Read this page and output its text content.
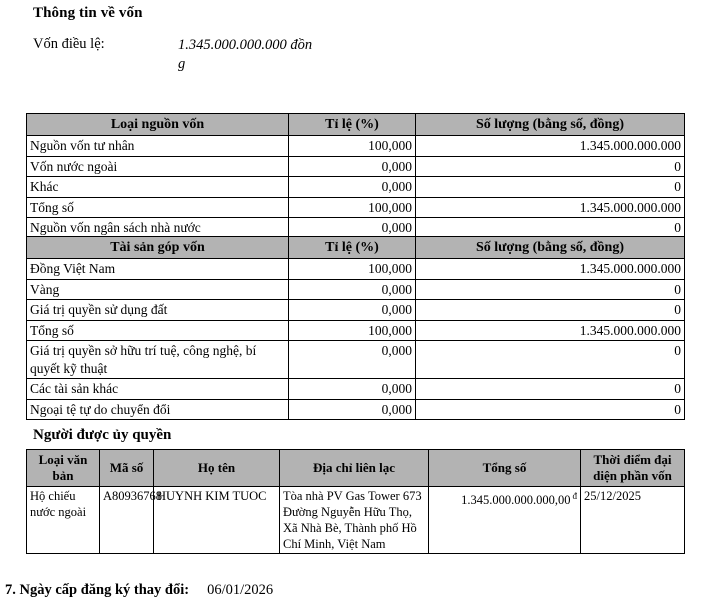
Thông tin về vốn
Vốn điều lệ:	1.345.000.000.000 đồng
Loại nguồn vốn	Tỉ lệ (%)	Số lượng (bằng số, đồng)
Nguồn vốn tư nhân	100,000	1.345.000.000.000
Vốn nước ngoài	0,000	0
Khác	0,000	0
Tổng số	100,000	1.345.000.000.000
Nguồn vốn ngân sách nhà nước	0,000	0
Tài sản góp vốn	Tỉ lệ (%)	Số lượng (bằng số, đồng)
Đồng Việt Nam	100,000	1.345.000.000.000
Vàng	0,000	0
Giá trị quyền sử dụng đất	0,000	0
Tổng số	100,000	1.345.000.000.000
Giá trị quyền sở hữu trí tuệ, công nghệ, bí quyết kỹ thuật	0,000	0
Các tài sản khác	0,000	0
Ngoại tệ tự do chuyển đổi	0,000	0
Người được ủy quyền
Loại văn bản	Mã số	Họ tên	Địa chỉ liên lạc	Tổng số	Thời điểm đại diện phần vốn
Hộ chiếu nước ngoài	A80936768	HUYNH KIM TUOC	Tòa nhà PV Gas Tower 673 Đường Nguyễn Hữu Thọ, Xã Nhà Bè, Thành phố Hồ Chí Minh, Việt Nam	1.345.000.000.000,00 $^đ$	25/12/2025
7. Ngày cấp đăng ký thay đổi: 06/01/2026
